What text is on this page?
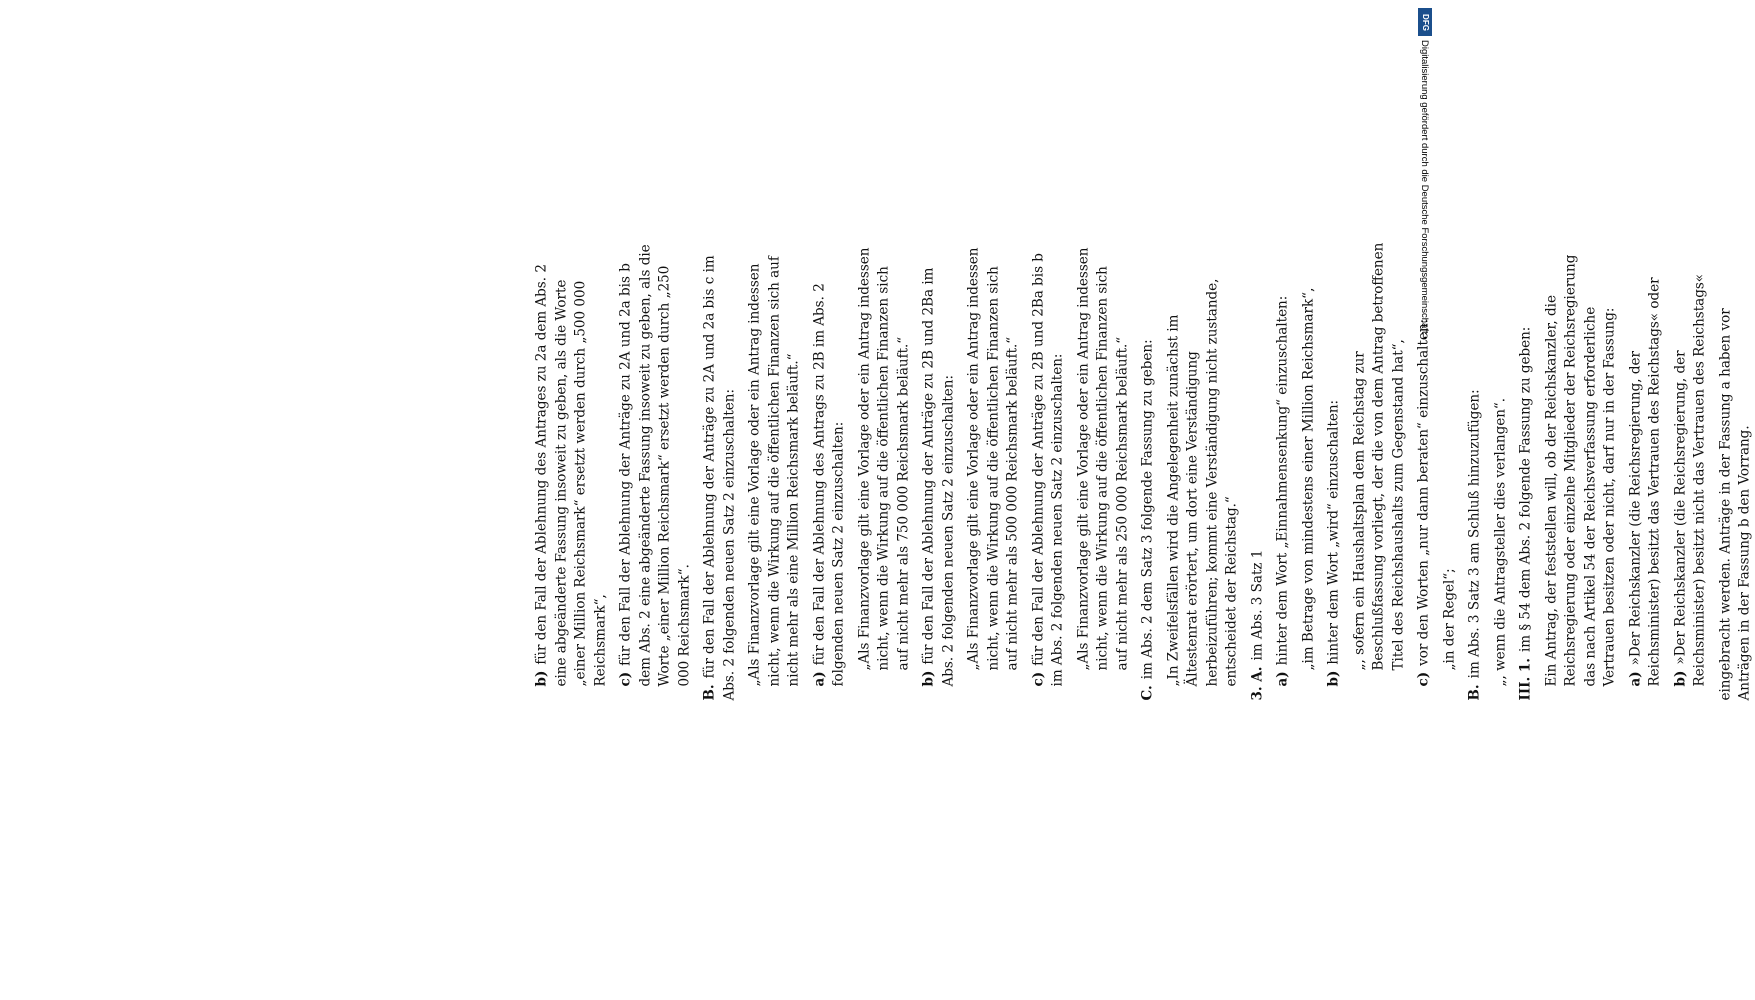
b)für den Fall der Ablehnung des Antrages zu 2a dem Abs. 2 eine abgeänderte Fassung insoweit zu geben, als die Worte „einer Million Reichsmark“ ersetzt werden durch „500 000 Reichsmark“, c)für den Fall der Ablehnung der Anträge zu 2A und 2a bis b dem Abs. 2 eine abgeänderte Fassung insoweit zu geben, als die Worte „einer Million Reichsmark“ ersetzt werden durch „250 000 Reichsmark“.

B.für den Fall der Ablehnung der Anträge zu 2A und 2a bis c im Abs. 2 folgenden neuen Satz 2 einzuschalten: „Als Finanzvorlage gilt eine Vorlage oder ein Antrag indessen nicht, wenn die Wirkung auf die öffentlichen Finanzen sich auf nicht mehr als eine Million Reichsmark beläuft.“ a)für den Fall der Ablehnung des Antrags zu 2B im Abs. 2 folgenden neuen Satz 2 einzuschalten: „Als Finanzvorlage gilt eine Vorlage oder ein Antrag indessen nicht, wenn die Wirkung auf die öffentlichen Finanzen sich auf nicht mehr als 750 000 Reichsmark beläuft.“

b)für den Fall der Ablehnung der Anträge zu 2B und 2Ba im Abs. 2 folgenden neuen Satz 2 einzuschalten: „Als Finanzvorlage gilt eine Vorlage oder ein Antrag indessen nicht, wenn die Wirkung auf die öffentlichen Finanzen sich auf nicht mehr als 500 000 Reichsmark beläuft.“

c)für den Fall der Ablehnung der Anträge zu 2B und 2Ba bis b im Abs. 2 folgenden neuen Satz 2 einzuschalten: „Als Finanzvorlage gilt eine Vorlage oder ein Antrag indessen nicht, wenn die Wirkung auf die öffentlichen Finanzen sich auf nicht mehr als 250 000 Reichsmark beläuft.“

C.im Abs. 2 dem Satz 3 folgende Fassung zu geben: „In Zweifelsfällen wird die Angelegenheit zunächst im Ältestenrat erörtert, um dort eine Verständigung herbeizuführen; kommt eine Verständigung nicht zustande, entscheidet der Reichstag.“ 3. A.im Abs. 3 Satz 1

a)hinter dem Wort „Einnahmensenkung“ einzuschalten: „im Betrage von mindestens einer Million Reichsmark“,

b)hinter dem Wort „wird“ einzuschalten: „, sofern ein Haushaltsplan dem Reichstag zur Beschlußfassung vorliegt, der die von dem Antrag betroffenen Titel des Reichshaushalts zum Gegenstand hat“,

c)vor den Worten „nur dann beraten“ einzuschalten: „in der Regel“;

B.im Abs. 3 Satz 3 am Schluß hinzuzufügen: „, wenn die Antragsteller dies verlangen“. III. 1.im § 54 dem Abs. 2 folgende Fassung zu geben: Ein Antrag, der feststellen will, ob der Reichskanzler, die Reichsregierung oder einzelne Mitglieder der Reichsregierung das nach Artikel 54 der Reichsverfassung erforderliche Vertrauen besitzen oder nicht, darf nur in der Fassung: a)»Der Reichskanzler (die Reichsregierung, der Reichsminister) besitzt das Vertrauen des Reichstags« oder b)»Der Reichskanzler (die Reichsregierung, der Reichsminister) besitzt nicht das Vertrauen des Reichstags« eingebracht werden. Anträge in der Fassung a haben vor Anträgen in der Fassung b den Vorrang.

DFG
Digitalisierung gefördert durch die Deutsche Forschungsgemeinschaft •
